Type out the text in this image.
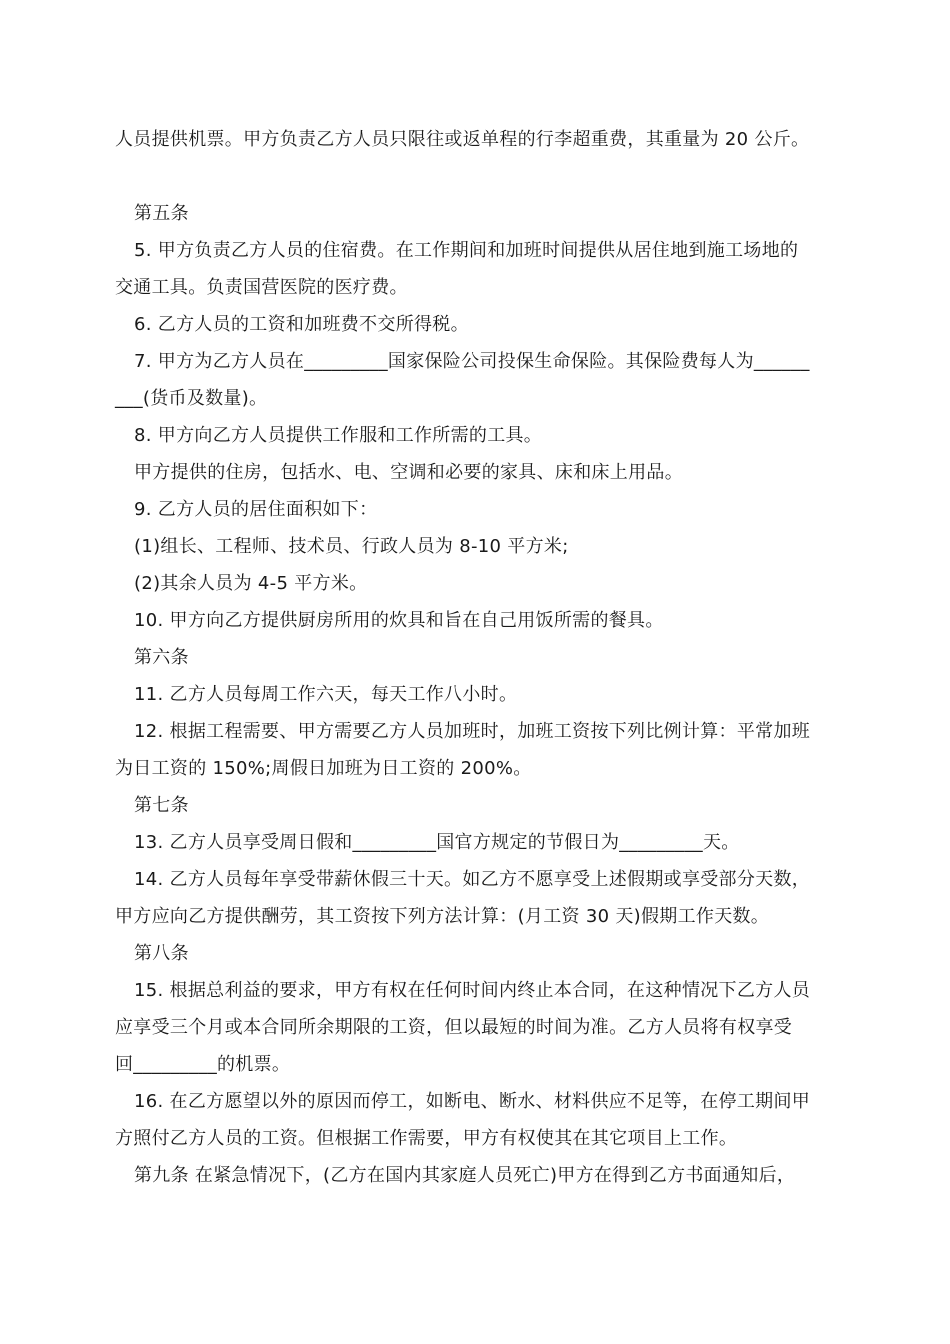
人员提供机票。甲方负责乙方人员只限往或返单程的行李超重费，其重量为 20 公斤。
第五条
5. 甲方负责乙方人员的住宿费。在工作期间和加班时间提供从居住地到施工场地的
交通工具。负责国营医院的医疗费。
6. 乙方人员的工资和加班费不交所得税。
7. 甲方为乙方人员在_________国家保险公司投保生命保险。其保险费每人为______
___(货币及数量)。
8. 甲方向乙方人员提供工作服和工作所需的工具。
甲方提供的住房，包括水、电、空调和必要的家具、床和床上用品。
9. 乙方人员的居住面积如下：
(1)组长、工程师、技术员、行政人员为 8-10 平方米;
(2)其余人员为 4-5 平方米。
10. 甲方向乙方提供厨房所用的炊具和旨在自己用饭所需的餐具。
第六条
11. 乙方人员每周工作六天，每天工作八小时。
12. 根据工程需要、甲方需要乙方人员加班时，加班工资按下列比例计算：平常加班
为日工资的 150%;周假日加班为日工资的 200%。
第七条
13. 乙方人员享受周日假和_________国官方规定的节假日为_________天。
14. 乙方人员每年享受带薪休假三十天。如乙方不愿享受上述假期或享受部分天数，
甲方应向乙方提供酬劳，其工资按下列方法计算：(月工资 30 天)假期工作天数。
第八条
15. 根据总利益的要求，甲方有权在任何时间内终止本合同，在这种情况下乙方人员
应享受三个月或本合同所余期限的工资，但以最短的时间为准。乙方人员将有权享受
回_________的机票。
16. 在乙方愿望以外的原因而停工，如断电、断水、材料供应不足等，在停工期间甲
方照付乙方人员的工资。但根据工作需要，甲方有权使其在其它项目上工作。
第九条 在紧急情况下，(乙方在国内其家庭人员死亡)甲方在得到乙方书面通知后，
